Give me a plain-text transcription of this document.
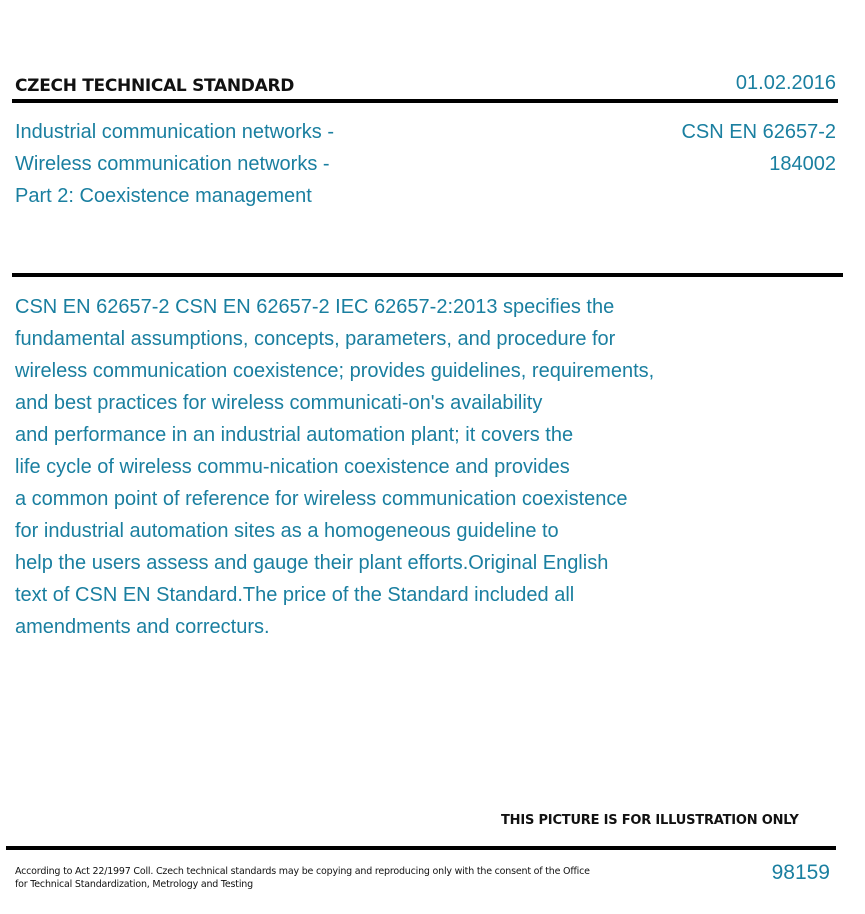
CZECH TECHNICAL STANDARD	01.02.2016
Industrial communication networks -
Wireless communication networks -
Part 2: Coexistence management
CSN EN 62657-2
184002
CSN EN 62657-2 CSN EN 62657-2 IEC 62657-2:2013 specifies the
fundamental assumptions, concepts, parameters, and procedure for
wireless communication coexistence; provides guidelines, requirements,
and best practices for wireless communicati-on's availability
and performance in an industrial automation plant; it covers the
life cycle of wireless commu-nication coexistence and provides
a common point of reference for wireless communication coexistence
for industrial automation sites as a homogeneous guideline to
help the users assess and gauge their plant efforts.Original English
text of CSN EN Standard.The price of the Standard included all
amendments and correcturs.
THIS PICTURE IS FOR ILLUSTRATION ONLY
According to Act 22/1997 Coll. Czech technical standards may be copying and reproducing only with the consent of the Office
for Technical Standardization, Metrology and Testing
98159
